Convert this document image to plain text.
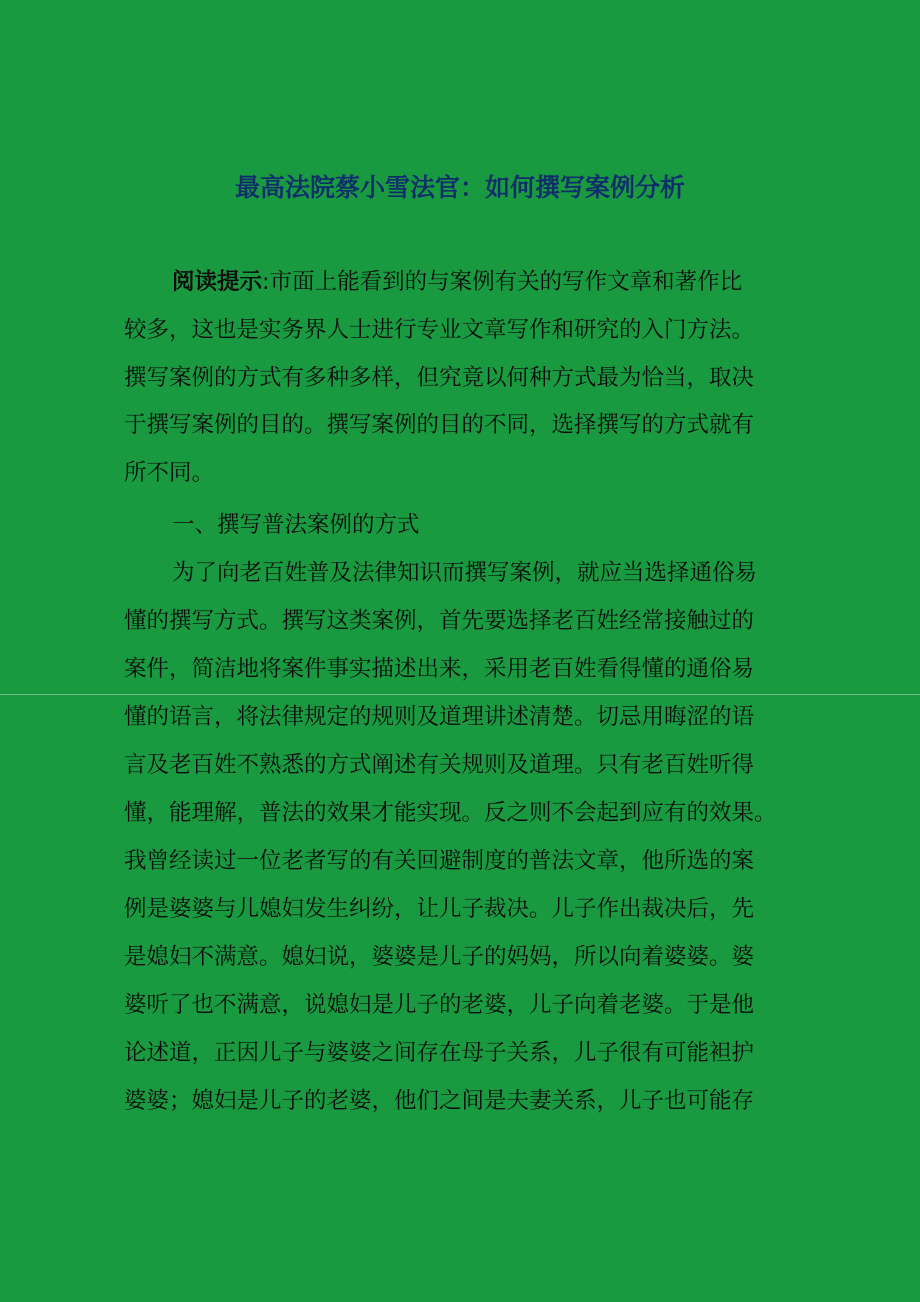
最高法院蔡小雪法官：如何撰写案例分析
阅读提示:市面上能看到的与案例有关的写作文章和著作比
较多，这也是实务界人士进行专业文章写作和研究的入门方法。
撰写案例的方式有多种多样，但究竟以何种方式最为恰当，取决
于撰写案例的目的。撰写案例的目的不同，选择撰写的方式就有
所不同。
一、撰写普法案例的方式
为了向老百姓普及法律知识而撰写案例，就应当选择通俗易
懂的撰写方式。撰写这类案例，首先要选择老百姓经常接触过的
案件，简洁地将案件事实描述出来，采用老百姓看得懂的通俗易
懂的语言，将法律规定的规则及道理讲述清楚。切忌用晦涩的语
言及老百姓不熟悉的方式阐述有关规则及道理。只有老百姓听得
懂，能理解，普法的效果才能实现。反之则不会起到应有的效果。
我曾经读过一位老者写的有关回避制度的普法文章，他所选的案
例是婆婆与儿媳妇发生纠纷，让儿子裁决。儿子作出裁决后，先
是媳妇不满意。媳妇说，婆婆是儿子的妈妈，所以向着婆婆。婆
婆听了也不满意，说媳妇是儿子的老婆，儿子向着老婆。于是他
论述道，正因儿子与婆婆之间存在母子关系，儿子很有可能袒护
婆婆；媳妇是儿子的老婆，他们之间是夫妻关系，儿子也可能存
